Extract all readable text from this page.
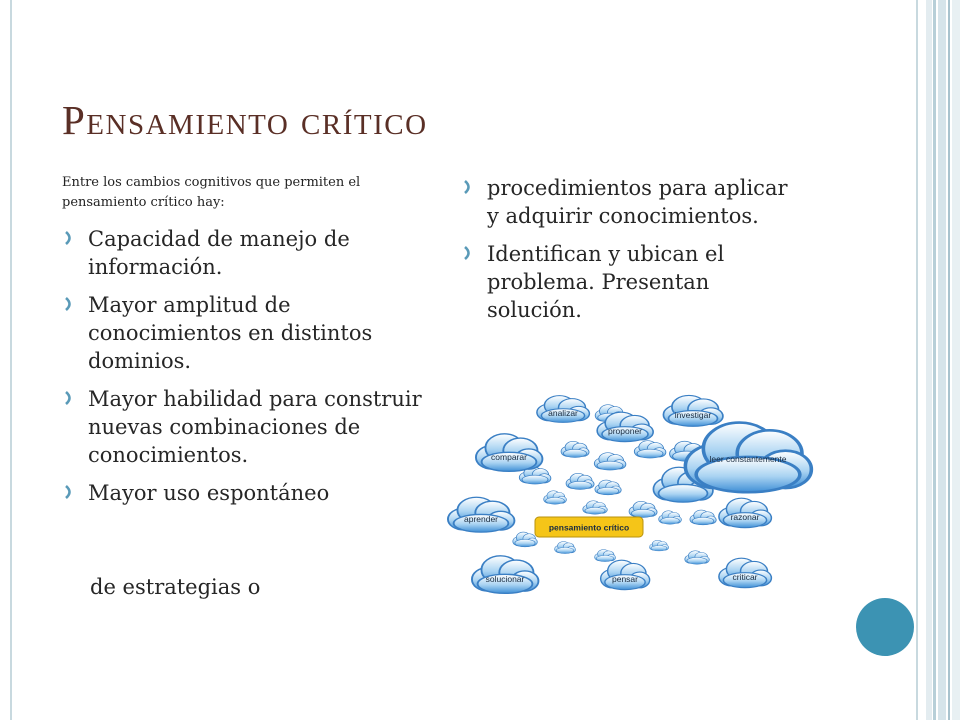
Pensamiento crítico

Entre los cambios cognitivos que permiten el pensamiento crítico hay:

Capacidad de manejo de información.
Mayor amplitud de conocimientos en distintos dominios.
Mayor habilidad para construir nuevas combinaciones de conocimientos.
Mayor uso espontáneo

de estrategias o

procedimientos para aplicar y adquirir conocimientos.
Identifican y ubican el problema. Presentan solución.
analizar
proponer
investigar
comparar	leer constantemente
aprender	razonar
solucionar	pensar	criticar
pensamiento crítico
